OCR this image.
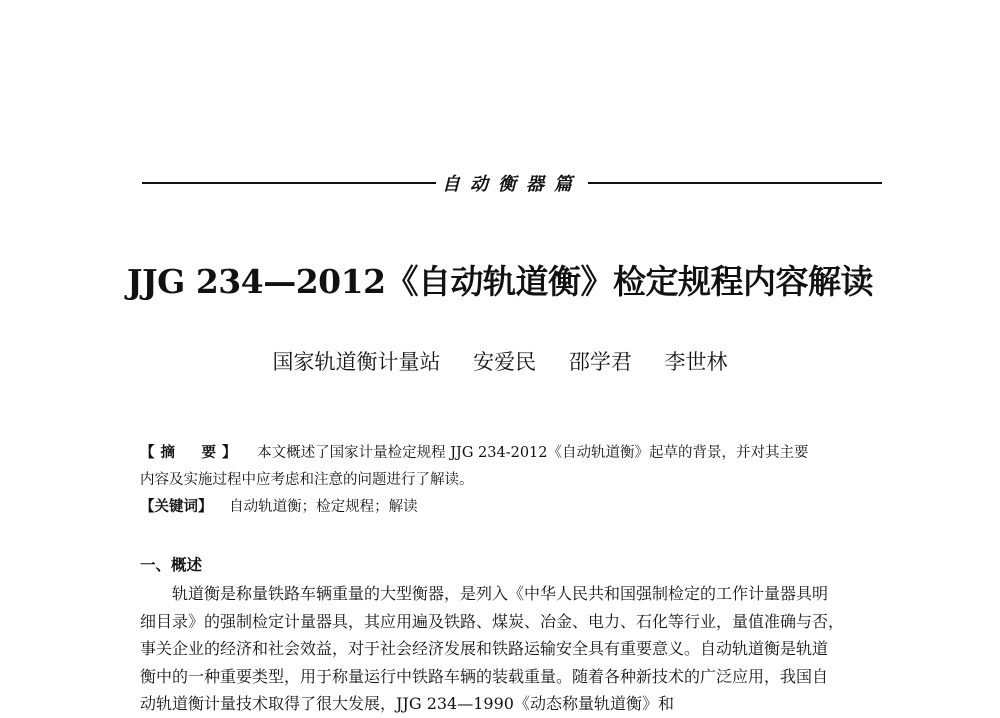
自动衡器篇
JJG 234—2012《自动轨道衡》检定规程内容解读
国家轨道衡计量站 安爱民 邵学君 李世林
【摘　要】 本文概述了国家计量检定规程 JJG 234-2012《自动轨道衡》起草的背景，并对其主要
内容及实施过程中应考虑和注意的问题进行了解读。
【关键词】 自动轨道衡；检定规程；解读
一、概述
轨道衡是称量铁路车辆重量的大型衡器，是列入《中华人民共和国强制检定的工作计量器具明
细目录》的强制检定计量器具，其应用遍及铁路、煤炭、冶金、电力、石化等行业，量值准确与否，
事关企业的经济和社会效益，对于社会经济发展和铁路运输安全具有重要意义。自动轨道衡是轨道
衡中的一种重要类型，用于称量运行中铁路车辆的装载重量。随着各种新技术的广泛应用，我国自
动轨道衡计量技术取得了很大发展，JJG 234—1990《动态称量轨道衡》和
